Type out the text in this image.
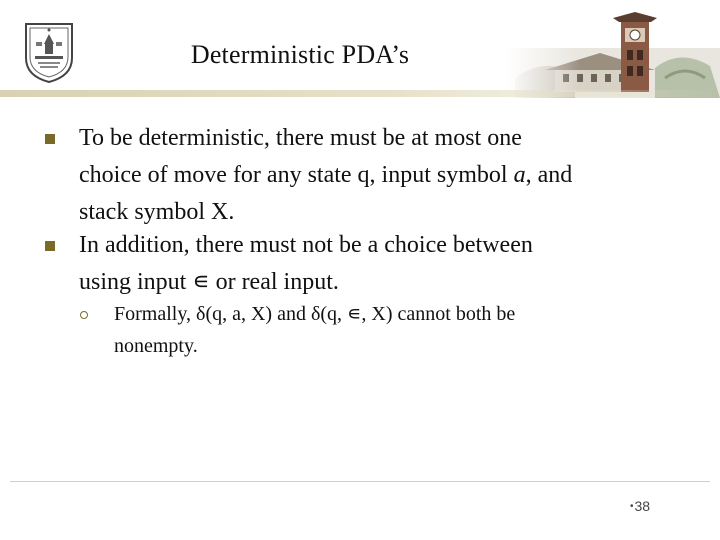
Deterministic PDA’s
To be deterministic, there must be at most one
choice of move for any state q, input symbol a, and
stack symbol X.
In addition, there must not be a choice between
using input ∊ or real input.
Formally, δ(q, a, X) and δ(q, ∊, X) cannot both be
nonempty.
•38
